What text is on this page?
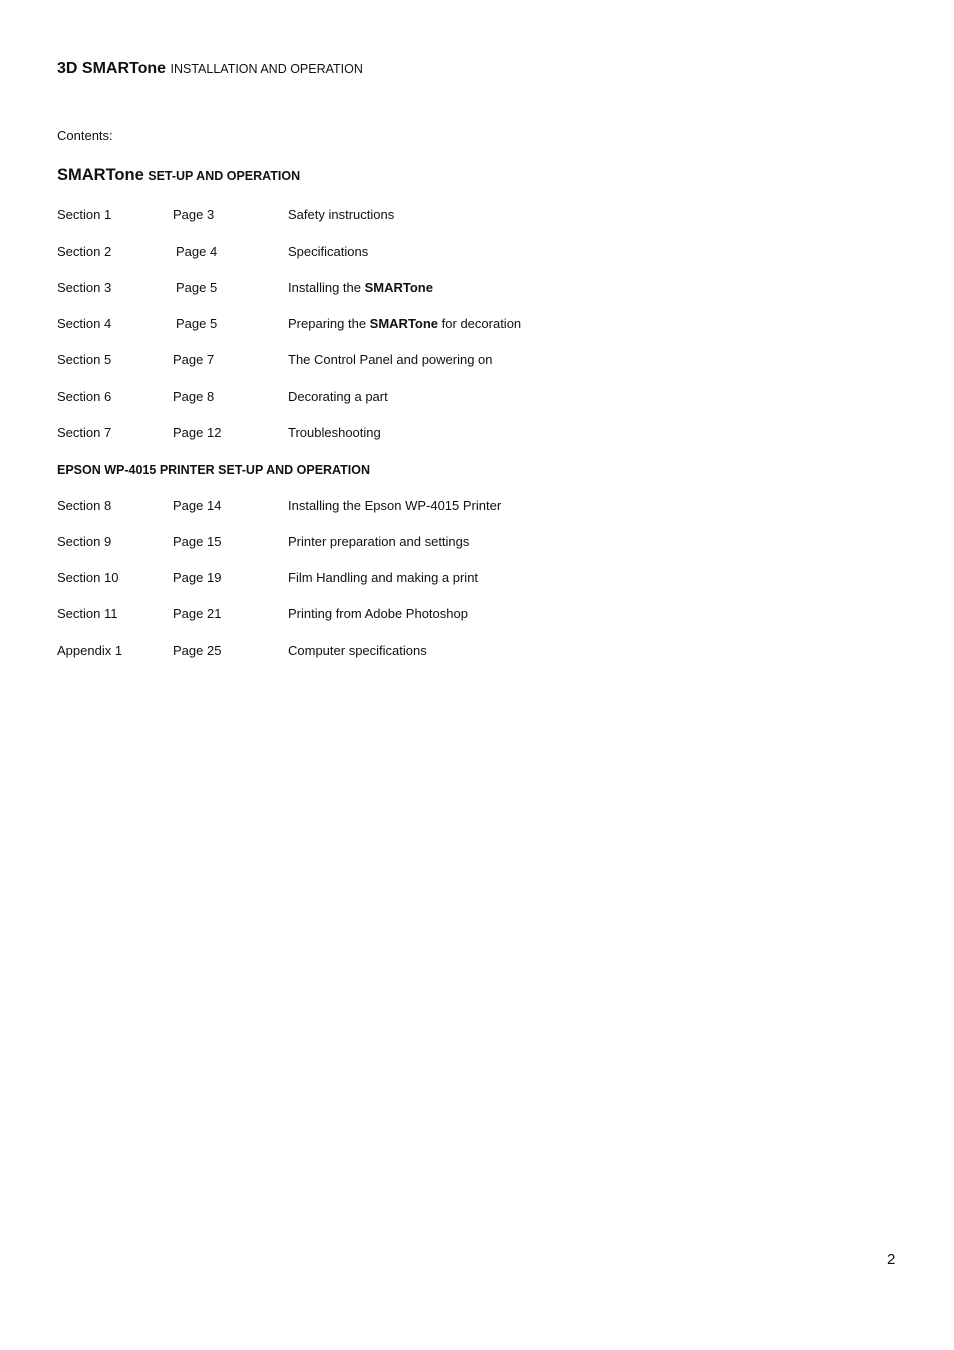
3D SMARTone INSTALLATION AND OPERATION
Contents:
SMARTone SET-UP AND OPERATION
Section 1	Page 3	Safety instructions
Section 2	Page 4	Specifications
Section 3	Page 5	Installing the SMARTone
Section 4	Page 5	Preparing the SMARTone for decoration
Section 5	Page 7	The Control Panel and powering on
Section 6	Page 8	Decorating a part
Section 7	Page 12	Troubleshooting
EPSON WP-4015 PRINTER SET-UP AND OPERATION
Section 8	Page 14	Installing the Epson WP-4015 Printer
Section 9	Page 15	Printer preparation and settings
Section 10	Page 19	Film Handling and making a print
Section 11	Page 21	Printing from Adobe Photoshop
Appendix 1	Page 25	Computer specifications
2
